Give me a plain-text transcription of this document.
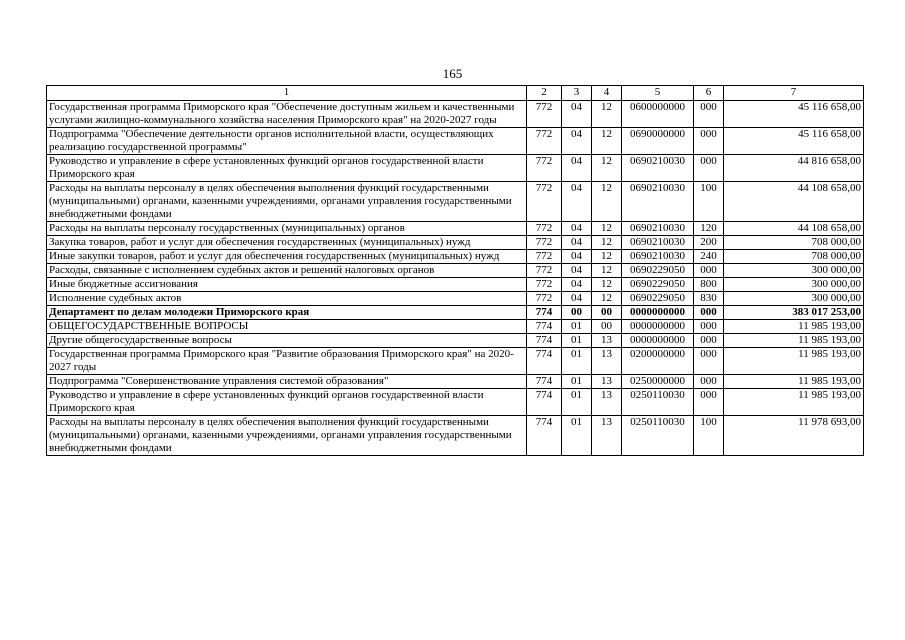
165
1	2	3	4	5	6	7
Государственная программа Приморского края "Обеспечение доступным жильем и качественными услугами жилищно-коммунального хозяйства населения Приморского края" на 2020-2027 годы	772	04	12	0600000000	000	45 116 658,00
Подпрограмма "Обеспечение деятельности органов исполнительной власти, осуществляющих реализацию государственной программы"	772	04	12	0690000000	000	45 116 658,00
Руководство и управление в сфере установленных функций органов государственной власти Приморского края	772	04	12	0690210030	000	44 816 658,00
Расходы на выплаты персоналу в целях обеспечения выполнения функций государственными (муниципальными) органами, казенными учреждениями, органами управления государственными внебюджетными фондами	772	04	12	0690210030	100	44 108 658,00
Расходы на выплаты персоналу государственных (муниципальных) органов	772	04	12	0690210030	120	44 108 658,00
Закупка товаров, работ и услуг для обеспечения государственных (муниципальных) нужд	772	04	12	0690210030	200	708 000,00
Иные закупки товаров, работ и услуг для обеспечения государственных (муниципальных) нужд	772	04	12	0690210030	240	708 000,00
Расходы, связанные с исполнением судебных актов и решений налоговых органов	772	04	12	0690229050	000	300 000,00
Иные бюджетные ассигнования	772	04	12	0690229050	800	300 000,00
Исполнение судебных актов	772	04	12	0690229050	830	300 000,00
Департамент по делам молодежи Приморского края	774	00	00	0000000000	000	383 017 253,00
ОБЩЕГОСУДАРСТВЕННЫЕ ВОПРОСЫ	774	01	00	0000000000	000	11 985 193,00
Другие общегосударственные вопросы	774	01	13	0000000000	000	11 985 193,00
Государственная программа Приморского края "Развитие образования Приморского края" на 2020-2027 годы	774	01	13	0200000000	000	11 985 193,00
Подпрограмма "Совершенствование управления системой образования"	774	01	13	0250000000	000	11 985 193,00
Руководство и управление в сфере установленных функций органов государственной власти Приморского края	774	01	13	0250110030	000	11 985 193,00
Расходы на выплаты персоналу в целях обеспечения выполнения функций государственными (муниципальными) органами, казенными учреждениями, органами управления государственными внебюджетными фондами	774	01	13	0250110030	100	11 978 693,00
